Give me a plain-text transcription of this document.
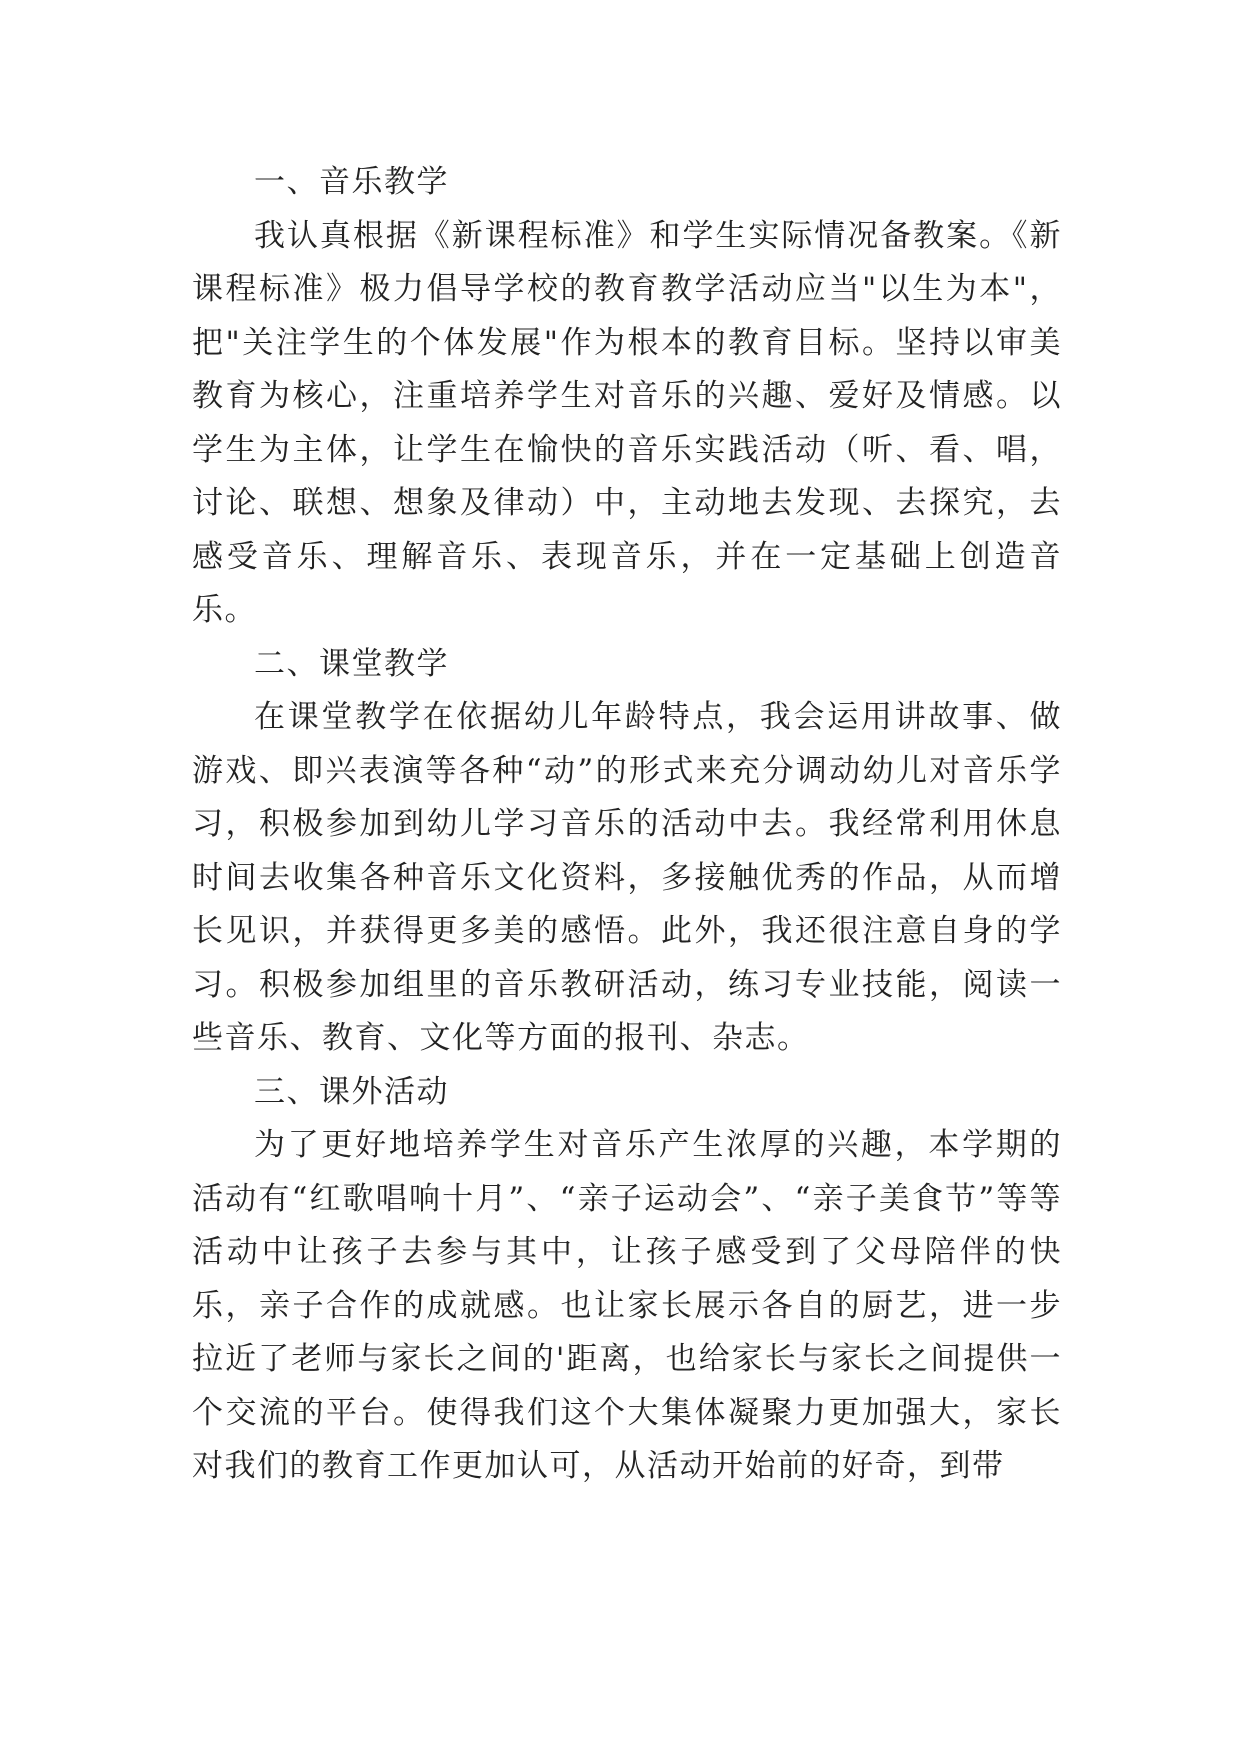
一、音乐教学

我认真根据《新课程标准》和学生实际情况备教案。《新课程标准》极力倡导学校的教育教学活动应当"以生为本"，把"关注学生的个体发展"作为根本的教育目标。坚持以审美教育为核心，注重培养学生对音乐的兴趣、爱好及情感。以学生为主体，让学生在愉快的音乐实践活动（听、看、唱，讨论、联想、想象及律动）中，主动地去发现、去探究，去感受音乐、理解音乐、表现音乐，并在一定基础上创造音乐。

二、课堂教学

在课堂教学在依据幼儿年龄特点，我会运用讲故事、做游戏、即兴表演等各种“动”的形式来充分调动幼儿对音乐学习，积极参加到幼儿学习音乐的活动中去。我经常利用休息时间去收集各种音乐文化资料，多接触优秀的作品，从而增长见识，并获得更多美的感悟。此外，我还很注意自身的学习。积极参加组里的音乐教研活动，练习专业技能，阅读一些音乐、教育、文化等方面的报刊、杂志。

三、课外活动

为了更好地培养学生对音乐产生浓厚的兴趣，本学期的活动有“红歌唱响十月”、“亲子运动会”、“亲子美食节”等等活动中让孩子去参与其中，让孩子感受到了父母陪伴的快乐，亲子合作的成就感。也让家长展示各自的厨艺，进一步拉近了老师与家长之间的'距离，也给家长与家长之间提供一个交流的平台。使得我们这个大集体凝聚力更加强大，家长对我们的教育工作更加认可，从活动开始前的好奇，到带
